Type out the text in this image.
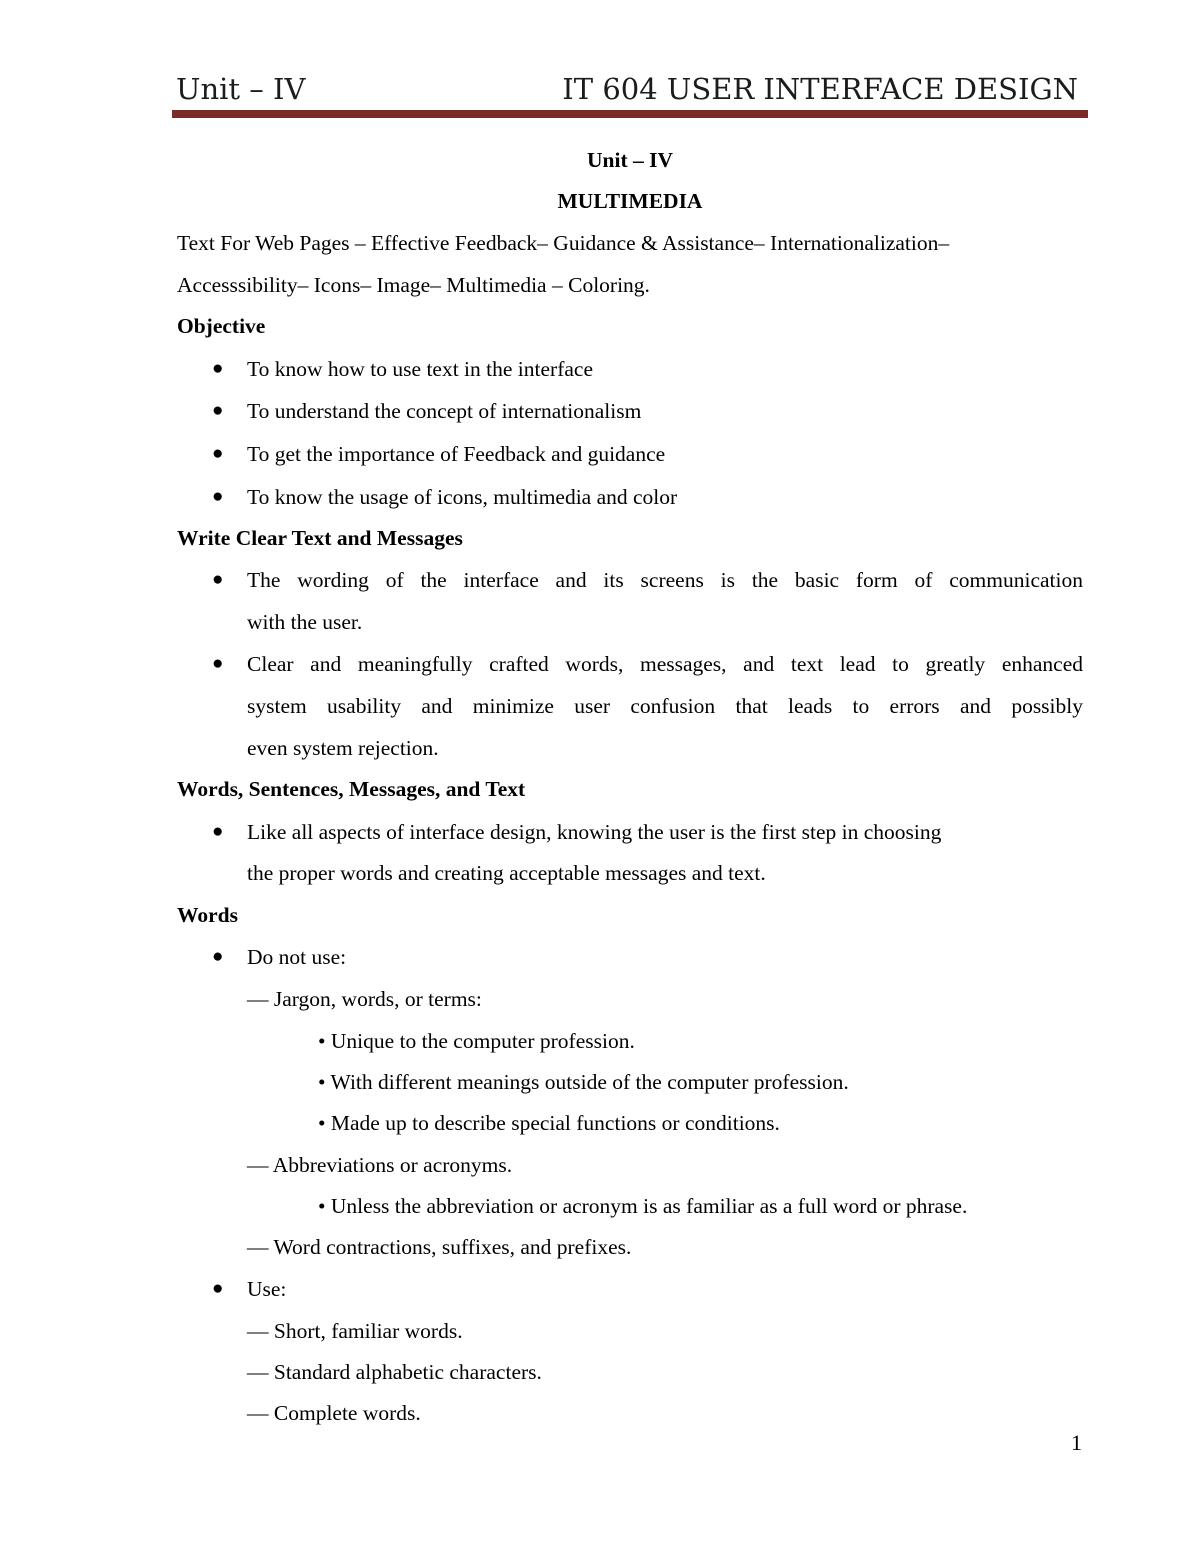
Unit – IV	IT 604 USER INTERFACE DESIGN
Unit – IV
MULTIMEDIA
Text For Web Pages – Effective Feedback– Guidance & Assistance– Internationalization–
Accesssibility– Icons– Image– Multimedia – Coloring.
Objective
● To know how to use text in the interface
● To understand the concept of internationalism
● To get the importance of Feedback and guidance
● To know the usage of icons, multimedia and color
Write Clear Text and Messages
● The wording of the interface and its screens is the basic form of communication
with the user.
● Clear and meaningfully crafted words, messages, and text lead to greatly enhanced
system usability and minimize user confusion that leads to errors and possibly
even system rejection.
Words, Sentences, Messages, and Text
● Like all aspects of interface design, knowing the user is the first step in choosing
the proper words and creating acceptable messages and text.
Words
● Do not use:
— Jargon, words, or terms:
• Unique to the computer profession.
• With different meanings outside of the computer profession.
• Made up to describe special functions or conditions.
— Abbreviations or acronyms.
• Unless the abbreviation or acronym is as familiar as a full word or phrase.
— Word contractions, suffixes, and prefixes.
● Use:
— Short, familiar words.
— Standard alphabetic characters.
— Complete words.
1
